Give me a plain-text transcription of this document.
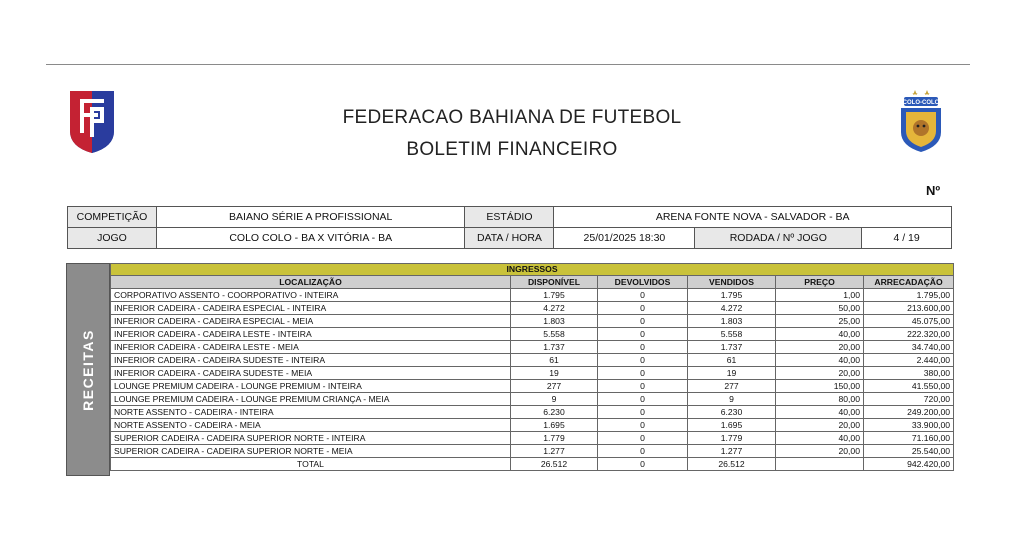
COLO-COLO
FEDERACAO BAHIANA DE FUTEBOL
BOLETIM FINANCEIRO
Nº
COMPETIÇÃO	BAIANO SÉRIE A PROFISSIONAL	ESTÁDIO	ARENA FONTE NOVA - SALVADOR - BA	
JOGO	COLO COLO - BA X VITÓRIA - BA	DATA / HORA	25/01/2025 18:30 RODADA / Nº JOGO	4 / 19
RECEITAS
INGRESSOS					
LOCALIZAÇÃO	DISPONÍVEL	DEVOLVIDOS	VENDIDOS	PREÇO	ARRECADAÇÃO
CORPORATIVO ASSENTO - COORPORATIVO - INTEIRA	1.795	0	1.795	1,00	1.795,00
INFERIOR CADEIRA - CADEIRA ESPECIAL - INTEIRA	4.272	0	4.272	50,00	213.600,00
INFERIOR CADEIRA - CADEIRA ESPECIAL - MEIA	1.803	0	1.803	25,00	45.075,00
INFERIOR CADEIRA - CADEIRA LESTE - INTEIRA	5.558	0	5.558	40,00	222.320,00
INFERIOR CADEIRA - CADEIRA LESTE - MEIA	1.737	0	1.737	20,00	34.740,00
INFERIOR CADEIRA - CADEIRA SUDESTE - INTEIRA	61	0	61	40,00	2.440,00
INFERIOR CADEIRA - CADEIRA SUDESTE - MEIA	19	0	19	20,00	380,00
LOUNGE PREMIUM CADEIRA - LOUNGE PREMIUM - INTEIRA	277	0	277	150,00	41.550,00
LOUNGE PREMIUM CADEIRA - LOUNGE PREMIUM CRIANÇA - MEIA	9	0	9	80,00	720,00
NORTE ASSENTO - CADEIRA - INTEIRA	6.230	0	6.230	40,00	249.200,00
NORTE ASSENTO - CADEIRA - MEIA	1.695	0	1.695	20,00	33.900,00
SUPERIOR CADEIRA - CADEIRA SUPERIOR NORTE - INTEIRA	1.779	0	1.779	40,00	71.160,00
SUPERIOR CADEIRA - CADEIRA SUPERIOR NORTE - MEIA	1.277	0	1.277	20,00	25.540,00
TOTAL	26.512	0	26.512		942.420,00
